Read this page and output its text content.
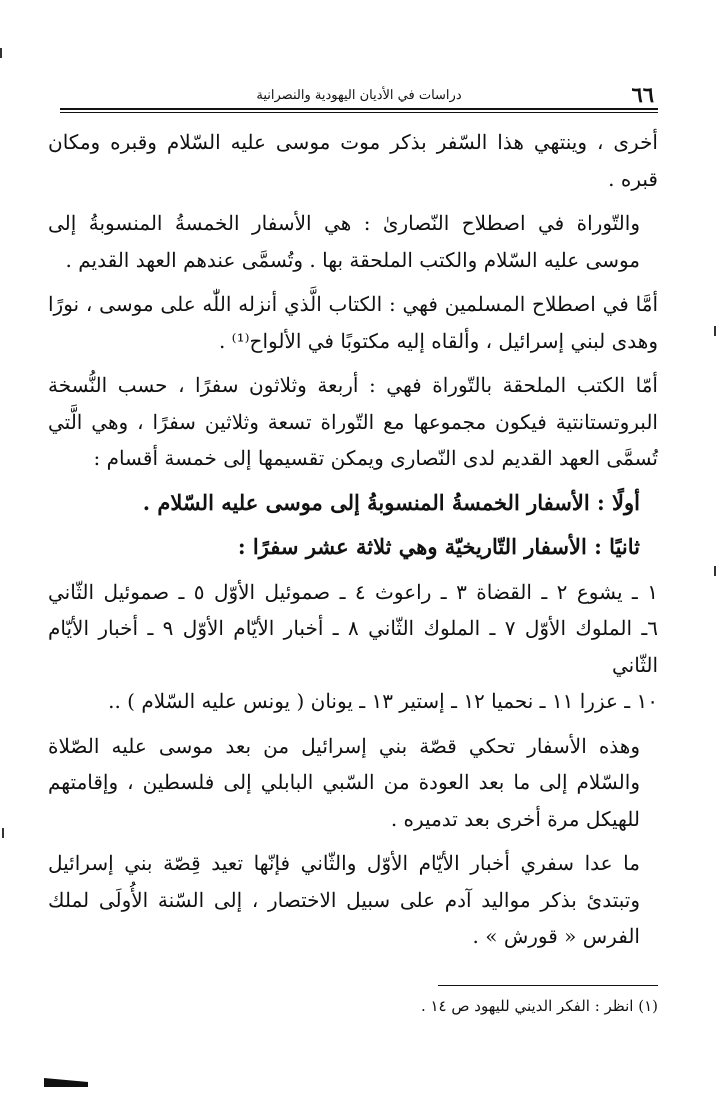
٦٦
دراسات في الأديان اليهودية والنصرانية

أخرى ، وينتهي هذا السّفر بذكر موت موسى عليه السّلام وقبره ومكان قبره .

والتّوراة في اصطلاح النّصارىٰ : هي الأسفار الخمسةُ المنسوبةُ إلى موسى عليه السّلام والكتب الملحقة بها . وتُسمَّى عندهم العهد القديم .

أمَّا في اصطلاح المسلمين فهي : الكتاب الَّذي أنزله اللّٰه على موسى ، نورًا وهدى لبني إسرائيل ، وألقاه إليه مكتوبًا في الألواح⁽¹⁾ .

أمّا الكتب الملحقة بالتّوراة فهي : أربعة وثلاثون سفرًا ، حسب النُّسخة البروتستانتية فيكون مجموعها مع التّوراة تسعة وثلاثين سفرًا ، وهي الَّتي تُسمَّى العهد القديم لدى النّصارى ويمكن تقسيمها إلى خمسة أقسام :

أولًا : الأسفار الخمسةُ المنسوبةُ إلى موسى عليه السّلام .

ثانيًا : الأسفار التّاريخيّة وهي ثلاثة عشر سفرًا :

١ ـ يشوع ٢ ـ القضاة ٣ ـ راعوث ٤ ـ صموئيل الأوّل ٥ ـ صموئيل الثّاني

٦ـ الملوك الأوّل ٧ ـ الملوك الثّاني ٨ ـ أخبار الأيّام الأوّل ٩ ـ أخبار الأيّام الثّاني

١٠ ـ عزرا ١١ ـ نحميا ١٢ ـ إستير ١٣ ـ يونان ( يونس عليه السّلام ) ..

وهذه الأسفار تحكي قصّة بني إسرائيل من بعد موسى عليه الصّلاة والسّلام إلى ما بعد العودة من السّبي البابلي إلى فلسطين ، وإقامتهم للهيكل مرة أخرى بعد تدميره .

ما عدا سفري أخبار الأيّام الأوّل والثّاني فإنّها تعيد قِصّة بني إسرائيل وتبتدئ بذكر مواليد آدم على سبيل الاختصار ، إلى السّنة الأُولَى لملك الفرس « قورش » .

(١) انظر : الفكر الديني لليهود ص ١٤ .
